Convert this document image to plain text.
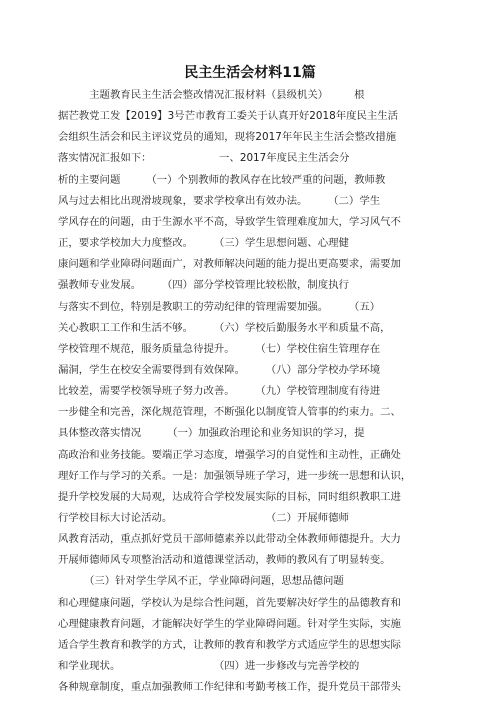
民主生活会材料11篇
　　　主题教育民主生活会整改情况汇报材料（县级机关）　　　根
据芒教党工发【2019】3号芒市教育工委关于认真开好2018年度民主生活
会组织生活会和民主评议党员的通知，现将2017年年民主生活会整改措施
落实情况汇报如下：　　　　　　　一、2017年度民主生活会分
析的主要问题　　　（一）个别教师的教风存在比较严重的问题，教师教
风与过去相比出现滑坡现象，要求学校拿出有效办法。　　　（二）学生
学风存在的问题，由于生源水平不高，导致学生管理难度加大，学习风气不
正，要求学校加大力度整改。　　　（三）学生思想问题、心理健
康问题和学业障碍问题面广，对教师解决问题的能力提出更高要求，需要加
强教师专业发展。　　　（四）部分学校管理比较松散，制度执行
与落实不到位，特别是教职工的劳动纪律的管理需要加强。　　　（五）
关心教职工工作和生活不够。　　　（六）学校后勤服务水平和质量不高，
学校管理不规范，服务质量急待提升。　　　（七）学校住宿生管理存在
漏洞，学生在校安全需要得到有效保障。　　　（八）部分学校办学环境
比较差，需要学校领导班子努力改善。　　　（九）学校管理制度有待进
一步健全和完善，深化规范管理，不断强化以制度管人管事的约束力。二、
具体整改落实情况　　　（一）加强政治理论和业务知识的学习，提
高政治和业务技能。要端正学习态度，增强学习的自觉性和主动性，正确处
理好工作与学习的关系。一是：加强领导班子学习，进一步统一思想和认识，
提升学校发展的大局观，达成符合学校发展实际的目标，同时组织教职工进
行学校目标大讨论活动。　　　　　　　　　　（二）开展师德师
风教育活动，重点抓好党员干部师德素养以此带动全体教师师德提升。大力
开展师德师风专项整治活动和道德课堂活动，教师的教风有了明显转变。
　　　（三）针对学生学风不正，学业障碍问题，思想品德问题
和心理健康问题，学校认为是综合性问题，首先要解决好学生的品德教育和
心理健康教育问题，才能解决好学生的学业障碍问题。针对学生实际，实施
适合学生教育和教学的方式，让教师的教育和教学方式适应学生的思想实际
和学业现状。　　　　　　　　　　（四）进一步修改与完善学校的
各种规章制度，重点加强教师工作纪律和考勤考核工作，提升党员干部带头
